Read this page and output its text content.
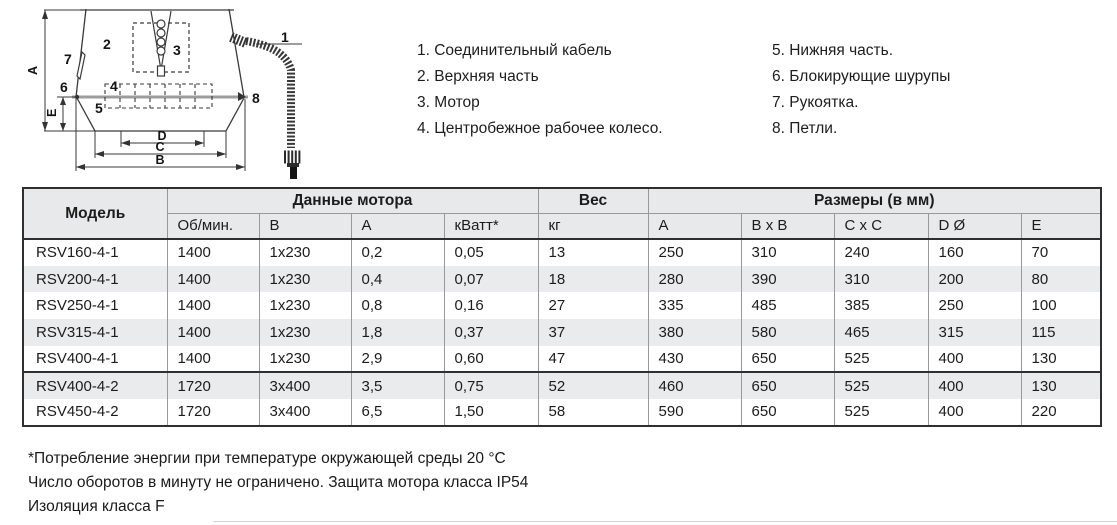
1
2	3
4
5
6
7
8
A
E
D
C
B
1. Соединительный кабель
2. Верхняя часть
3. Мотор
4. Центробежное рабочее колесо.
5. Нижняя часть.
6. Блокирующие шурупы
7. Рукоятка.
8. Петли.
Модель	Данные мотора				Вес	Размеры (в мм)				
	Об/мин.	В	А	кВатт*	кг	A	B x B	C x C	D Ø	E
RSV160-4-1	1400	1x230	0,2	0,05	13	250	310	240	160	70
RSV200-4-1	1400	1x230	0,4	0,07	18	280	390	310	200	80
RSV250-4-1	1400	1x230	0,8	0,16	27	335	485	385	250	100
RSV315-4-1	1400	1x230	1,8	0,37	37	380	580	465	315	115
RSV400-4-1	1400	1x230	2,9	0,60	47	430	650	525	400	130
RSV400-4-2	1720	3x400	3,5	0,75	52	460	650	525	400	130
RSV450-4-2	1720	3x400	6,5	1,50	58	590	650	525	400	220
*Потребление энергии при температуре окружающей среды 20 °C
Число оборотов в минуту не ограничено. Защита мотора класса IP54
Изоляция класса F
